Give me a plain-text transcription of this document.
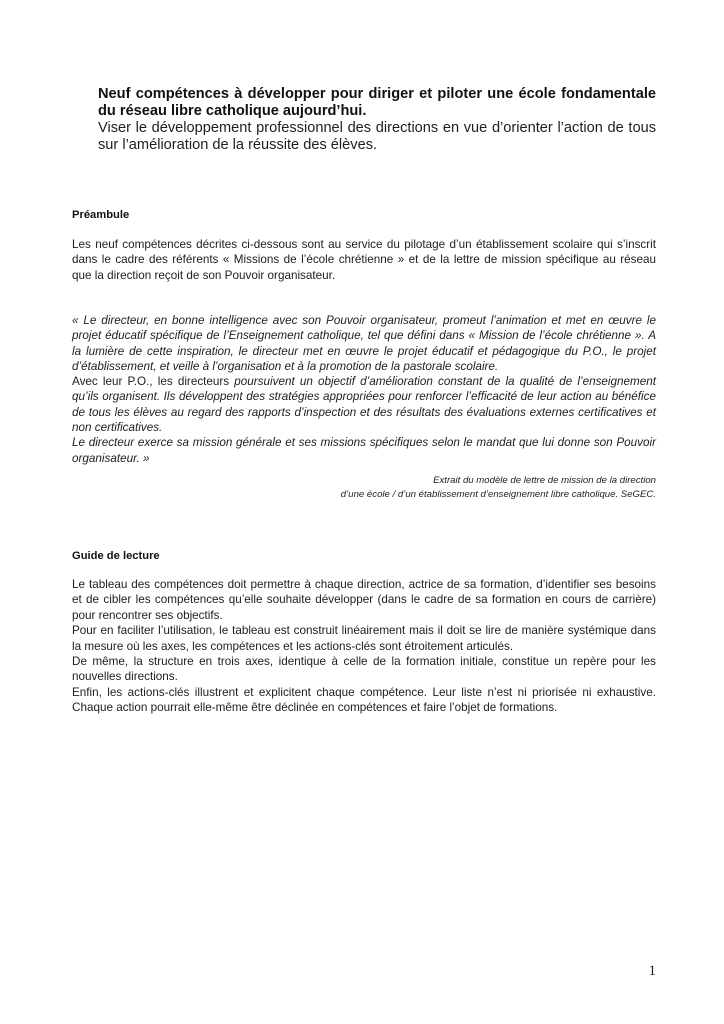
Neuf compétences à développer pour diriger et piloter une école fondamentale du réseau libre catholique aujourd’hui.

Viser le développement professionnel des directions en vue d’orienter l’action de tous sur l’amélioration de la réussite des élèves.

Préambule

Les neuf compétences décrites ci-dessous sont au service du pilotage d’un établissement scolaire qui s’inscrit dans le cadre des référents « Missions de l’école chrétienne » et de la lettre de mission spécifique au réseau que la direction reçoit de son Pouvoir organisateur.

« Le directeur, en bonne intelligence avec son Pouvoir organisateur, promeut l’animation et met en œuvre le projet éducatif spécifique de l’Enseignement catholique, tel que défini dans « Mission de l’école chrétienne ». A la lumière de cette inspiration, le directeur met en œuvre le projet éducatif et pédagogique du P.O., le projet d’établissement, et veille à l’organisation et à la promotion de la pastorale scolaire.

Avec leur P.O., les directeurs poursuivent un objectif d’amélioration constant de la qualité de l’enseignement qu’ils organisent. Ils développent des stratégies appropriées pour renforcer l’efficacité de leur action au bénéfice de tous les élèves au regard des rapports d’inspection et des résultats des évaluations externes certificatives et non certificatives.

Le directeur exerce sa mission générale et ses missions spécifiques selon le mandat que lui donne son Pouvoir organisateur. »

Extrait du modèle de lettre de mission de la direction
d’une école / d’un établissement d’enseignement libre catholique. SeGEC.

Guide de lecture

Le tableau des compétences doit permettre à chaque direction, actrice de sa formation, d’identifier ses besoins et de cibler les compétences qu’elle souhaite développer (dans le cadre de sa formation en cours de carrière) pour rencontrer ses objectifs.

Pour en faciliter l’utilisation, le tableau est construit linéairement mais il doit se lire de manière systémique dans la mesure où les axes, les compétences et les actions-clés sont étroitement articulés.

De même, la structure en trois axes, identique à celle de la formation initiale, constitue un repère pour les nouvelles directions.

Enfin, les actions-clés illustrent et explicitent chaque compétence. Leur liste n’est ni priorisée ni exhaustive. Chaque action pourrait elle-même être déclinée en compétences et faire l’objet de formations.

1
